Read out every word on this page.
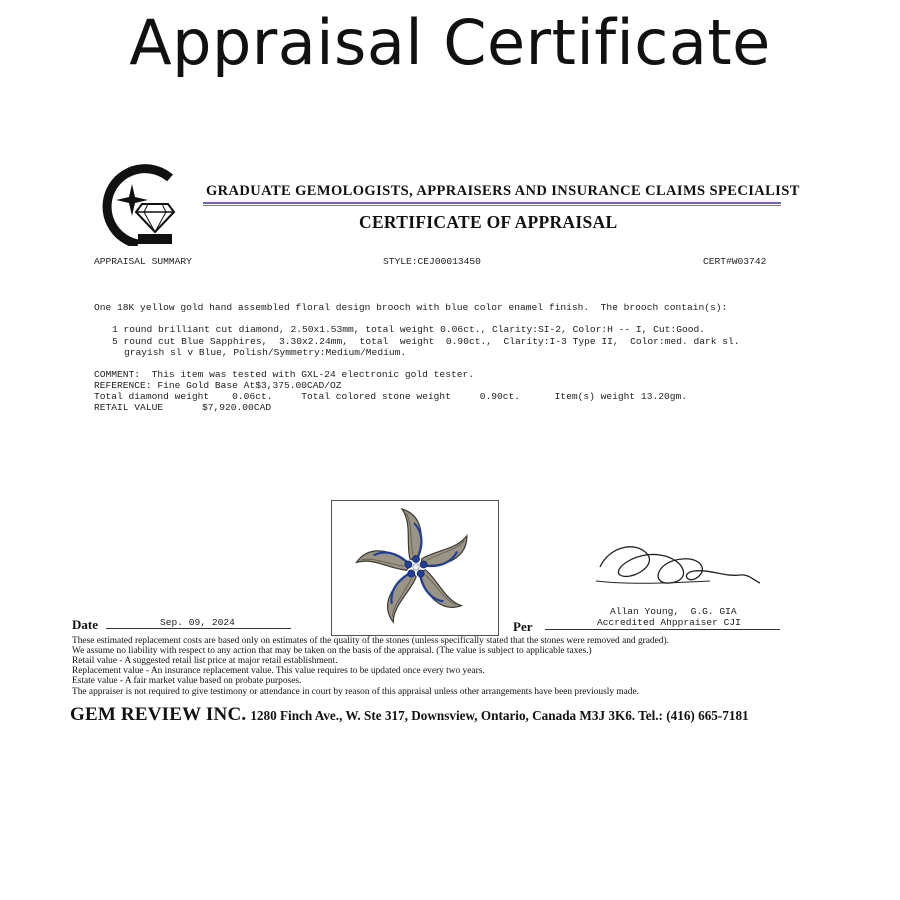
Appraisal Certificate
GRADUATE GEMOLOGISTS, APPRAISERS AND INSURANCE CLAIMS SPECIALIST
CERTIFICATE OF APPRAISAL
APPRAISAL SUMMARY	STYLE:CEJ00013450	CERT#W03742
One 18K yellow gold hand assembled floral design brooch with blue color enamel finish.  The brooch contain(s):
1 round brilliant cut diamond, 2.50x1.53mm, total weight 0.06ct., Clarity:SI-2, Color:H -- I, Cut:Good.
5 round cut Blue Sapphires,  3.30x2.24mm,  total  weight  0.90ct.,  Clarity:I-3 Type II,  Color:med. dark sl.
grayish sl v Blue, Polish/Symmetry:Medium/Medium.
COMMENT:  This item was tested with GXL-24 electronic gold tester.
REFERENCE: Fine Gold Base At$3,375.00CAD/OZ
Total diamond weight    0.06ct.     Total colored stone weight     0.90ct.      Item(s) weight 13.20gm.
RETAIL VALUE	$7,920.00CAD
Date	Sep. 09, 2024	Per
Allan Young,  G.G. GIA
Accredited Ahppraiser CJI
These estimated replacement costs are based only on estimates of the quality of the stones (unless specifically stated that the stones were removed and graded).
We assume no liability with respect to any action that may be taken on the basis of the appraisal. (The value is subject to applicable taxes.)
Retail value - A suggested retail list price at major retail establishment.
Replacement value - An insurance replacement value. This value requires to be updated once every two years.
Estate value - A fair market value based on probate purposes.
The appraiser is not required to give testimony or attendance in court by reason of this appraisal unless other arrangements have been previously made.
GEM REVIEW INC. 1280 Finch Ave., W. Ste 317, Downsview, Ontario, Canada M3J 3K6. Tel.: (416) 665-7181
